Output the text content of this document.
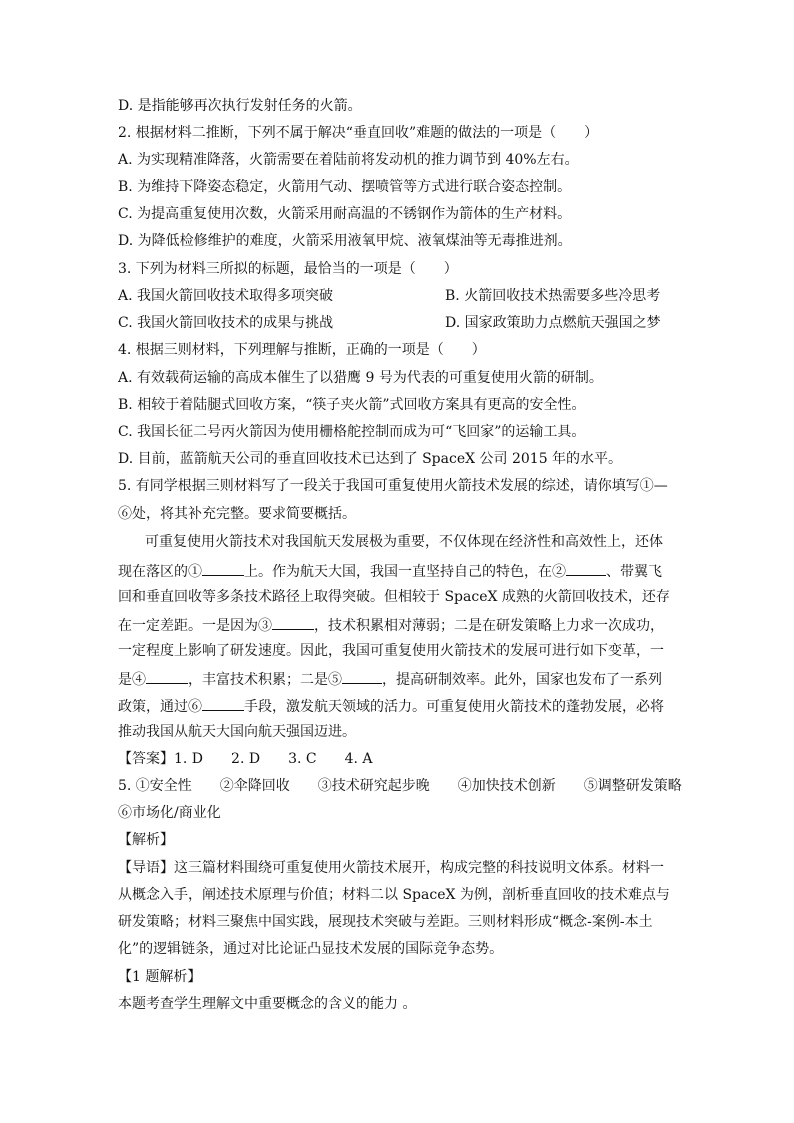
D. 是指能够再次执行发射任务的火箭。
2. 根据材料二推断，下列不属于解决“垂直回收”难题的做法的一项是（　　）
A. 为实现精准降落，火箭需要在着陆前将发动机的推力调节到 40%左右。
B. 为维持下降姿态稳定，火箭用气动、摆喷管等方式进行联合姿态控制。
C. 为提高重复使用次数，火箭采用耐高温的不锈钢作为箭体的生产材料。
D. 为降低检修维护的难度，火箭采用液氧甲烷、液氧煤油等无毒推进剂。
3. 下列为材料三所拟的标题，最恰当的一项是（　　）
A. 我国火箭回收技术取得多项突破	B. 火箭回收技术热需要多些冷思考
C. 我国火箭回收技术的成果与挑战	D. 国家政策助力点燃航天强国之梦
4. 根据三则材料，下列理解与推断，正确的一项是（　　）
A. 有效载荷运输的高成本催生了以猎鹰 9 号为代表的可重复使用火箭的研制。
B. 相较于着陆腿式回收方案，“筷子夹火箭”式回收方案具有更高的安全性。
C. 我国长征二号丙火箭因为使用栅格舵控制而成为可“飞回家”的运输工具。
D. 目前，蓝箭航天公司的垂直回收技术已达到了 SpaceX 公司 2015 年的水平。
5. 有同学根据三则材料写了一段关于我国可重复使用火箭技术发展的综述，请你填写①—
⑥处，将其补充完整。要求简要概括。
可重复使用火箭技术对我国航天发展极为重要，不仅体现在经济性和高效性上，还体
现在落区的①	上。作为航天大国，我国一直坚持自己的特色，在②	、带翼飞
回和垂直回收等多条技术路径上取得突破。但相较于 SpaceX 成熟的火箭回收技术，还存
在一定差距。一是因为③	，技术积累相对薄弱；二是在研发策略上力求一次成功，
一定程度上影响了研发速度。因此，我国可重复使用火箭技术的发展可进行如下变革，一
是④	，丰富技术积累；二是⑤	，提高研制效率。此外，国家也发布了一系列
政策，通过⑥	手段，激发航天领域的活力。可重复使用火箭技术的蓬勃发展，必将
推动我国从航天大国向航天强国迈进。
【答案】1. D　　2. D　　3. C　　4. A
5. ①安全性　　②伞降回收　　③技术研究起步晚　　④加快技术创新　　⑤调整研发策略
⑥市场化/商业化
【解析】
【导语】这三篇材料围绕可重复使用火箭技术展开，构成完整的科技说明文体系。材料一
从概念入手，阐述技术原理与价值；材料二以 SpaceX 为例，剖析垂直回收的技术难点与
研发策略；材料三聚焦中国实践，展现技术突破与差距。三则材料形成“概念-案例-本土
化”的逻辑链条，通过对比论证凸显技术发展的国际竞争态势。
【1 题解析】
本题考查学生理解文中重要概念的含义的能力 。
